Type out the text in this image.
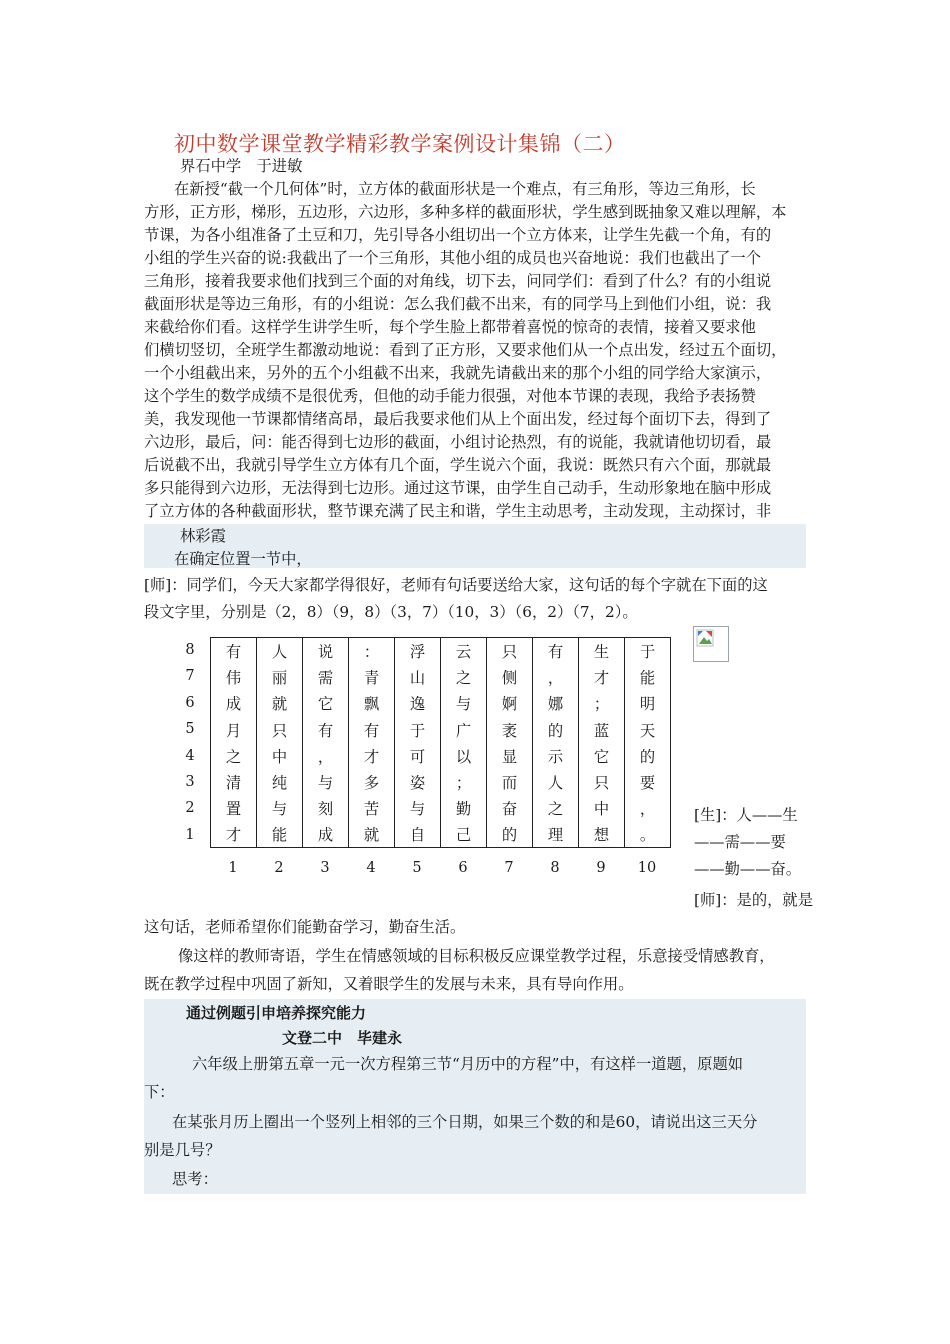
初中数学课堂教学精彩教学案例设计集锦（二）
界石中学　于进敏
在新授“截一个几何体”时，立方体的截面形状是一个难点，有三角形，等边三角形，长
方形，正方形，梯形，五边形，六边形，多种多样的截面形状，学生感到既抽象又难以理解，本
节课，为各小组准备了土豆和刀，先引导各小组切出一个立方体来，让学生先截一个角，有的
小组的学生兴奋的说:我截出了一个三角形，其他小组的成员也兴奋地说：我们也截出了一个
三角形，接着我要求他们找到三个面的对角线，切下去，问同学们：看到了什么？有的小组说
截面形状是等边三角形，有的小组说：怎么我们截不出来，有的同学马上到他们小组，说：我
来截给你们看。这样学生讲学生听，每个学生脸上都带着喜悦的惊奇的表情，接着又要求他
们横切竖切，全班学生都激动地说：看到了正方形，又要求他们从一个点出发，经过五个面切，
一个小组截出来，另外的五个小组截不出来，我就先请截出来的那个小组的同学给大家演示，
这个学生的数学成绩不是很优秀，但他的动手能力很强，对他本节课的表现，我给予表扬赞
美，我发现他一节课都情绪高昂，最后我要求他们从上个面出发，经过每个面切下去，得到了
六边形，最后，问：能否得到七边形的截面，小组讨论热烈，有的说能，我就请他切切看，最
后说截不出，我就引导学生立方体有几个面，学生说六个面，我说：既然只有六个面，那就最
多只能得到六边形，无法得到七边形。通过这节课，由学生自己动手，生动形象地在脑中形成
了立方体的各种截面形状，整节课充满了民主和谐，学生主动思考，主动发现，主动探讨，非
林彩霞
在确定位置一节中，
[师]：同学们，今天大家都学得很好，老师有句话要送给大家，这句话的每个字就在下面的这
段文字里，分别是（2，8）（9，8）（3，7）（10，3）（6，2）（7，2）。
8
7
6
5
4
3
2
1
有	人	说	：	浮	云	只	有	生	于
伟	丽	需	青	山	之	侧	，	才	能
成	就	它	飘	逸	与	婀	娜	；	明
月	只	有	有	于	广	袤	的	蓝	天
之	中	，	才	可	以	显	示	它	的
清	纯	与	多	姿	；	而	人	只	要
置	与	刻	苦	与	勤	奋	之	中	，
才	能	成	就	自	己	的	理	想	。
1	2	3	4	5	6	7	8	9	10
[生]：人——生
——需——要
——勤——奋。
[师]：是的，就是
这句话，老师希望你们能勤奋学习，勤奋生活。
像这样的教师寄语，学生在情感领域的目标积极反应课堂教学过程，乐意接受情感教育，
既在教学过程中巩固了新知，又着眼学生的发展与未来，具有导向作用。
通过例题引申培养探究能力
文登二中　毕建永
六年级上册第五章一元一次方程第三节“月历中的方程”中，有这样一道题，原题如
下：
在某张月历上圈出一个竖列上相邻的三个日期，如果三个数的和是60，请说出这三天分
别是几号？
思考：
